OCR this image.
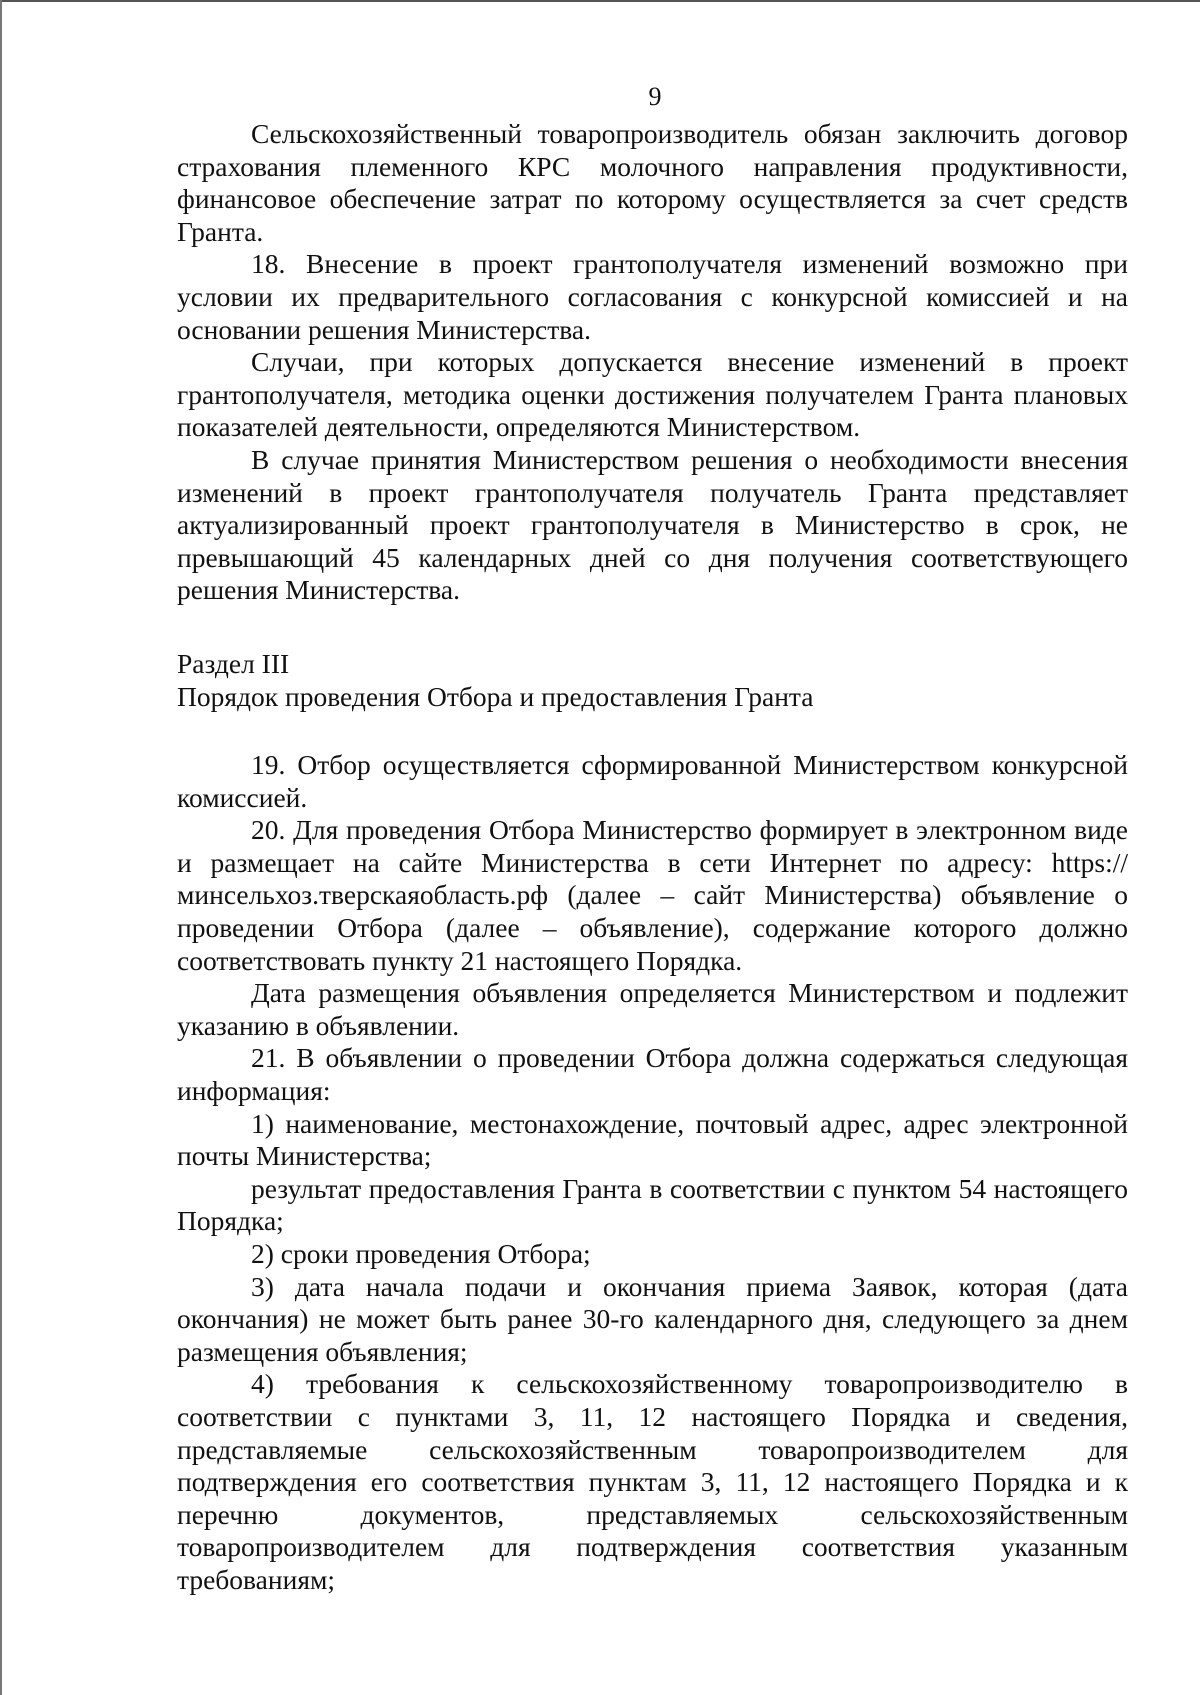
9

Сельскохозяйственный товаропроизводитель обязан заключить договор страхования племенного КРС молочного направления продуктивности, финансовое обеспечение затрат по которому осуществляется за счет средств Гранта.

18. Внесение в проект грантополучателя изменений возможно при условии их предварительного согласования с конкурсной комиссией и на основании решения Министерства.

Случаи, при которых допускается внесение изменений в проект грантополучателя, методика оценки достижения получателем Гранта плановых показателей деятельности, определяются Министерством.

В случае принятия Министерством решения о необходимости внесения изменений в проект грантополучателя получатель Гранта представляет актуализированный проект грантополучателя в Министерство в срок, не превышающий 45 календарных дней со дня получения соответствующего решения Министерства.

Раздел III

Порядок проведения Отбора и предоставления Гранта

19. Отбор осуществляется сформированной Министерством конкурсной комиссией.

20. Для проведения Отбора Министерство формирует в электронном виде и размещает на сайте Министерства в сети Интернет по адресу: https://минсельхоз.тверскаяобласть.рф (далее – сайт Министерства) объявление о проведении Отбора (далее – объявление), содержание которого должно соответствовать пункту 21 настоящего Порядка.

Дата размещения объявления определяется Министерством и подлежит указанию в объявлении.

21. В объявлении о проведении Отбора должна содержаться следующая информация:

1) наименование, местонахождение, почтовый адрес, адрес электронной почты Министерства;

результат предоставления Гранта в соответствии с пунктом 54 настоящего Порядка;

2) сроки проведения Отбора;

3) дата начала подачи и окончания приема Заявок, которая (дата окончания) не может быть ранее 30-го календарного дня, следующего за днем размещения объявления;

4) требования к сельскохозяйственному товаропроизводителю в соответствии с пунктами 3, 11, 12 настоящего Порядка и сведения, представляемые сельскохозяйственным товаропроизводителем для подтверждения его соответствия пунктам 3, 11, 12 настоящего Порядка и к перечню документов, представляемых сельскохозяйственным товаропроизводителем для подтверждения соответствия указанным требованиям;
